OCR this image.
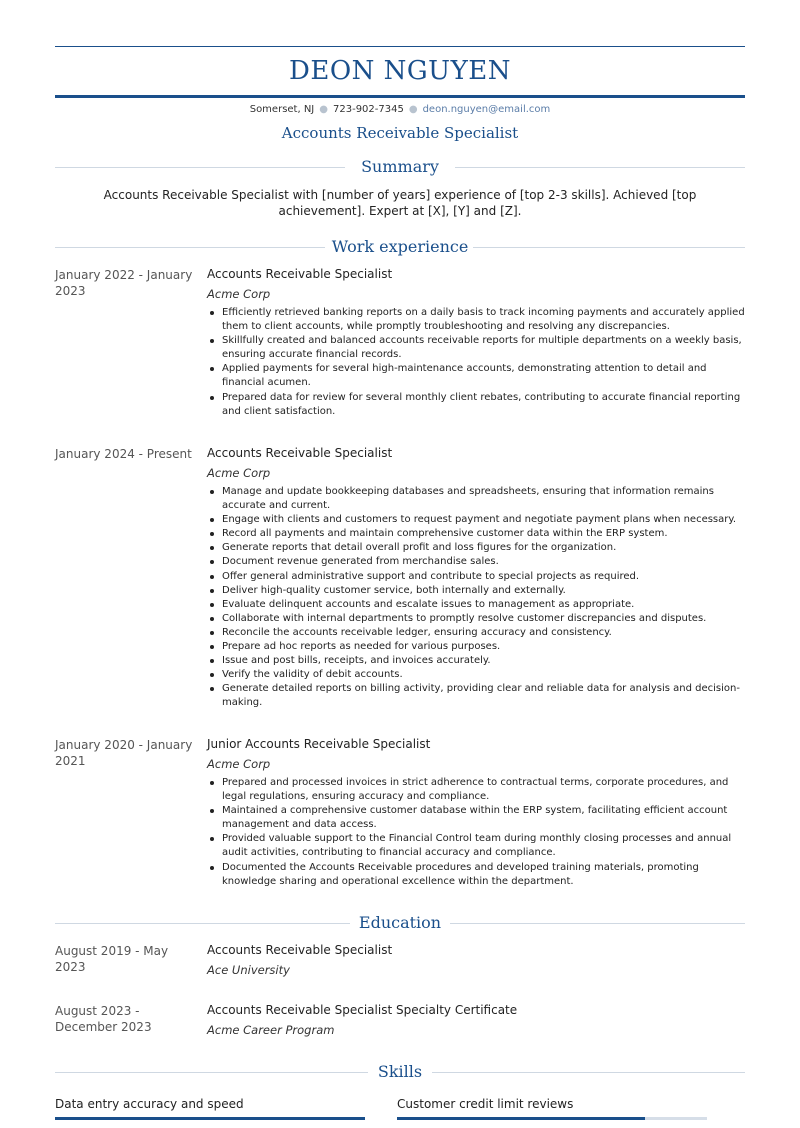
DEON NGUYEN
Somerset, NJ ● 723-902-7345 ● deon.nguyen@email.com
Accounts Receivable Specialist
Summary
Accounts Receivable Specialist with [number of years] experience of [top 2-3 skills]. Achieved [top achievement]. Expert at [X], [Y] and [Z].
Work experience
January 2022 - January 2023
Accounts Receivable Specialist
Acme Corp
Efficiently retrieved banking reports on a daily basis to track incoming payments and accurately applied them to client accounts, while promptly troubleshooting and resolving any discrepancies.
Skillfully created and balanced accounts receivable reports for multiple departments on a weekly basis, ensuring accurate financial records.
Applied payments for several high-maintenance accounts, demonstrating attention to detail and financial acumen.
Prepared data for review for several monthly client rebates, contributing to accurate financial reporting and client satisfaction.
January 2024 - Present Accounts Receivable Specialist
Acme Corp
Manage and update bookkeeping databases and spreadsheets, ensuring that information remains accurate and current.
Engage with clients and customers to request payment and negotiate payment plans when necessary.
Record all payments and maintain comprehensive customer data within the ERP system.
Generate reports that detail overall profit and loss figures for the organization.
Document revenue generated from merchandise sales.
Offer general administrative support and contribute to special projects as required.
Deliver high-quality customer service, both internally and externally.
Evaluate delinquent accounts and escalate issues to management as appropriate.
Collaborate with internal departments to promptly resolve customer discrepancies and disputes.
Reconcile the accounts receivable ledger, ensuring accuracy and consistency.
Prepare ad hoc reports as needed for various purposes.
Issue and post bills, receipts, and invoices accurately.
Verify the validity of debit accounts.
Generate detailed reports on billing activity, providing clear and reliable data for analysis and decision-making.
January 2020 - January 2021
Junior Accounts Receivable Specialist
Acme Corp
Prepared and processed invoices in strict adherence to contractual terms, corporate procedures, and legal regulations, ensuring accuracy and compliance.
Maintained a comprehensive customer database within the ERP system, facilitating efficient account management and data access.
Provided valuable support to the Financial Control team during monthly closing processes and annual audit activities, contributing to financial accuracy and compliance.
Documented the Accounts Receivable procedures and developed training materials, promoting knowledge sharing and operational excellence within the department.
Education
August 2019 - May 2023
Accounts Receivable Specialist
Ace University
August 2023 - December 2023
Accounts Receivable Specialist Specialty Certificate
Acme Career Program
Skills
Data entry accuracy and speed	Customer credit limit reviews
